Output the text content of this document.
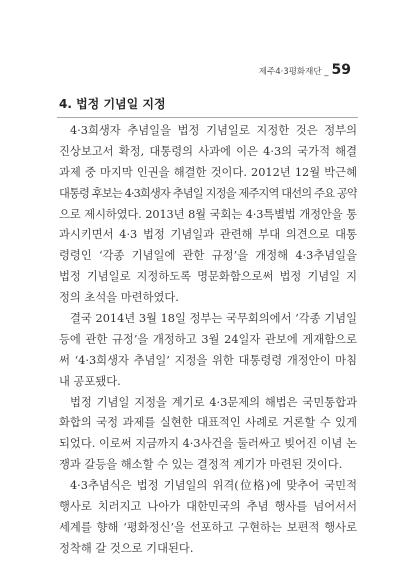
제주4·3평화재단 _ 59
4. 법정 기념일 지정
4·3희생자 추념일을 법정 기념일로 지정한 것은 정부의
진상보고서 확정, 대통령의 사과에 이은 4·3의 국가적 해결
과제 중 마지막 인권을 해결한 것이다. 2012년 12월 박근혜
대통령 후보는 4·3희생자 추념일 지정을 제주지역 대선의 주요 공약
으로 제시하였다. 2013년 8월 국회는 4·3특별법 개정안을 통
과시키면서 4·3 법정 기념일과 관련해 부대 의견으로 대통
령령인 ‘각종 기념일에 관한 규정’을 개정해 4·3추념일을
법정 기념일로 지정하도록 명문화함으로써 법정 기념일 지
정의 초석을 마련하였다.
결국 2014년 3월 18일 정부는 국무회의에서 ‘각종 기념일
등에 관한 규정’을 개정하고 3월 24일자 관보에 게재함으로
써 ‘4·3희생자 추념일’ 지정을 위한 대통령령 개정안이 마침
내 공포됐다.
법정 기념일 지정을 계기로 4·3문제의 해법은 국민통합과
화합의 국정 과제를 실현한 대표적인 사례로 거론할 수 있게
되었다. 이로써 지금까지 4·3사건을 둘러싸고 빚어진 이념 논
쟁과 갈등을 해소할 수 있는 결정적 계기가 마련된 것이다.
4·3추념식은 법정 기념일의 위격(位格)에 맞추어 국민적
행사로 치러지고 나아가 대한민국의 추념 행사를 넘어서서
세계를 향해 ‘평화정신’을 선포하고 구현하는 보편적 행사로
정착해 갈 것으로 기대된다.
